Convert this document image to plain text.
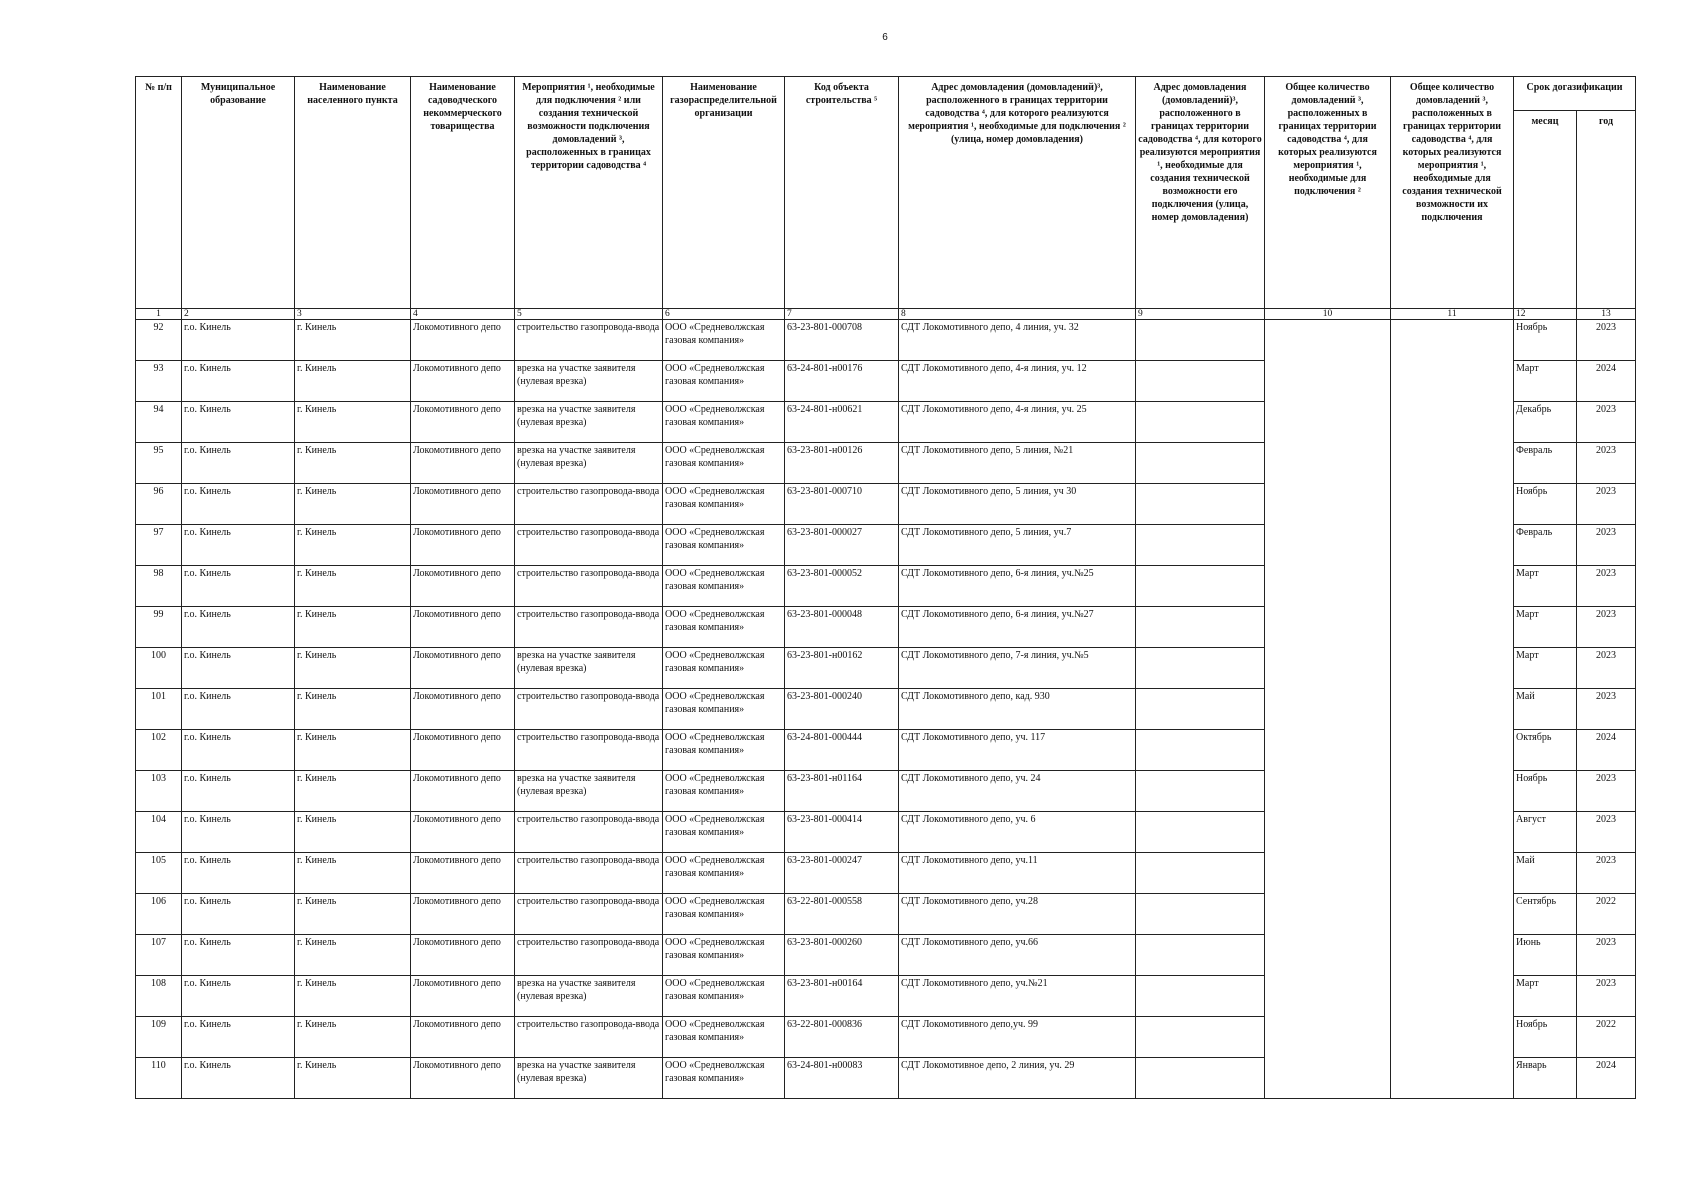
6
№ п/п	Муниципальное образование	Наименование населенного пункта	Наименование садоводческого некоммерческого товарищества	Мероприятия ¹, необходимые для подключения ² или создания технической возможности подключения домовладений ³, расположенных в границах территории садоводства ⁴	Наименование газораспределительной организации	Код объекта строительства ⁵	Адрес домовладения (домовладений)³, расположенного в границах территории садоводства ⁴, для которого реализуются мероприятия ¹, необходимые для подключения ² (улица, номер домовладения)	Адрес домовладения (домовладений)³, расположенного в границах территории садоводства ⁴, для которого реализуются мероприятия ¹, необходимые для создания технической возможности его подключения (улица, номер домовладения)	Общее количество домовладений ³, расположенных в границах территории садоводства ⁴, для которых реализуются мероприятия ¹, необходимые для подключения ²	Общее количество домовладений ³, расположенных в границах территории садоводства ⁴, для которых реализуются мероприятия ¹, необходимые для создания технической возможности их подключения	Срок догазификации	
											месяц	год
1	2	3	4	5	6	7	8	9	10	11	12	13
92	г.о. Кинель	г. Кинель	Локомотивного депо	строительство газопровода-ввода	ООО «Средневолжская газовая компания»	63-23-801-000708	СДТ Локомотивного депо, 4 линия, уч. 32				Ноябрь	2023
93	г.о. Кинель	г. Кинель	Локомотивного депо	врезка на участке заявителя (нулевая врезка)	ООО «Средневолжская газовая компания»	63-24-801-н00176	СДТ Локомотивного депо, 4-я линия, уч. 12				Март	2024
94	г.о. Кинель	г. Кинель	Локомотивного депо	врезка на участке заявителя (нулевая врезка)	ООО «Средневолжская газовая компания»	63-24-801-н00621	СДТ Локомотивного депо, 4-я линия, уч. 25				Декабрь	2023
95	г.о. Кинель	г. Кинель	Локомотивного депо	врезка на участке заявителя (нулевая врезка)	ООО «Средневолжская газовая компания»	63-23-801-н00126	СДТ Локомотивного депо, 5 линия, №21				Февраль	2023
96	г.о. Кинель	г. Кинель	Локомотивного депо	строительство газопровода-ввода	ООО «Средневолжская газовая компания»	63-23-801-000710	СДТ Локомотивного депо, 5 линия, уч 30				Ноябрь	2023
97	г.о. Кинель	г. Кинель	Локомотивного депо	строительство газопровода-ввода	ООО «Средневолжская газовая компания»	63-23-801-000027	СДТ Локомотивного депо, 5 линия, уч.7				Февраль	2023
98	г.о. Кинель	г. Кинель	Локомотивного депо	строительство газопровода-ввода	ООО «Средневолжская газовая компания»	63-23-801-000052	СДТ Локомотивного депо, 6-я линия, уч.№25				Март	2023
99	г.о. Кинель	г. Кинель	Локомотивного депо	строительство газопровода-ввода	ООО «Средневолжская газовая компания»	63-23-801-000048	СДТ Локомотивного депо, 6-я линия, уч.№27				Март	2023
100	г.о. Кинель	г. Кинель	Локомотивного депо	врезка на участке заявителя (нулевая врезка)	ООО «Средневолжская газовая компания»	63-23-801-н00162	СДТ Локомотивного депо, 7-я линия, уч.№5				Март	2023
101	г.о. Кинель	г. Кинель	Локомотивного депо	строительство газопровода-ввода	ООО «Средневолжская газовая компания»	63-23-801-000240	СДТ Локомотивного депо, кад. 930				Май	2023
102	г.о. Кинель	г. Кинель	Локомотивного депо	строительство газопровода-ввода	ООО «Средневолжская газовая компания»	63-24-801-000444	СДТ Локомотивного депо, уч. 117				Октябрь	2024
103	г.о. Кинель	г. Кинель	Локомотивного депо	врезка на участке заявителя (нулевая врезка)	ООО «Средневолжская газовая компания»	63-23-801-н01164	СДТ Локомотивного депо, уч. 24				Ноябрь	2023
104	г.о. Кинель	г. Кинель	Локомотивного депо	строительство газопровода-ввода	ООО «Средневолжская газовая компания»	63-23-801-000414	СДТ Локомотивного депо, уч. 6				Август	2023
105	г.о. Кинель	г. Кинель	Локомотивного депо	строительство газопровода-ввода	ООО «Средневолжская газовая компания»	63-23-801-000247	СДТ Локомотивного депо, уч.11				Май	2023
106	г.о. Кинель	г. Кинель	Локомотивного депо	строительство газопровода-ввода	ООО «Средневолжская газовая компания»	63-22-801-000558	СДТ Локомотивного депо, уч.28				Сентябрь	2022
107	г.о. Кинель	г. Кинель	Локомотивного депо	строительство газопровода-ввода	ООО «Средневолжская газовая компания»	63-23-801-000260	СДТ Локомотивного депо, уч.66				Июнь	2023
108	г.о. Кинель	г. Кинель	Локомотивного депо	врезка на участке заявителя (нулевая врезка)	ООО «Средневолжская газовая компания»	63-23-801-н00164	СДТ Локомотивного депо, уч.№21				Март	2023
109	г.о. Кинель	г. Кинель	Локомотивного депо	строительство газопровода-ввода	ООО «Средневолжская газовая компания»	63-22-801-000836	СДТ Локомотивного депо,уч. 99				Ноябрь	2022
110	г.о. Кинель	г. Кинель	Локомотивного депо	врезка на участке заявителя (нулевая врезка)	ООО «Средневолжская газовая компания»	63-24-801-н00083	СДТ Локомотивное депо, 2 линия, уч. 29				Январь	2024
